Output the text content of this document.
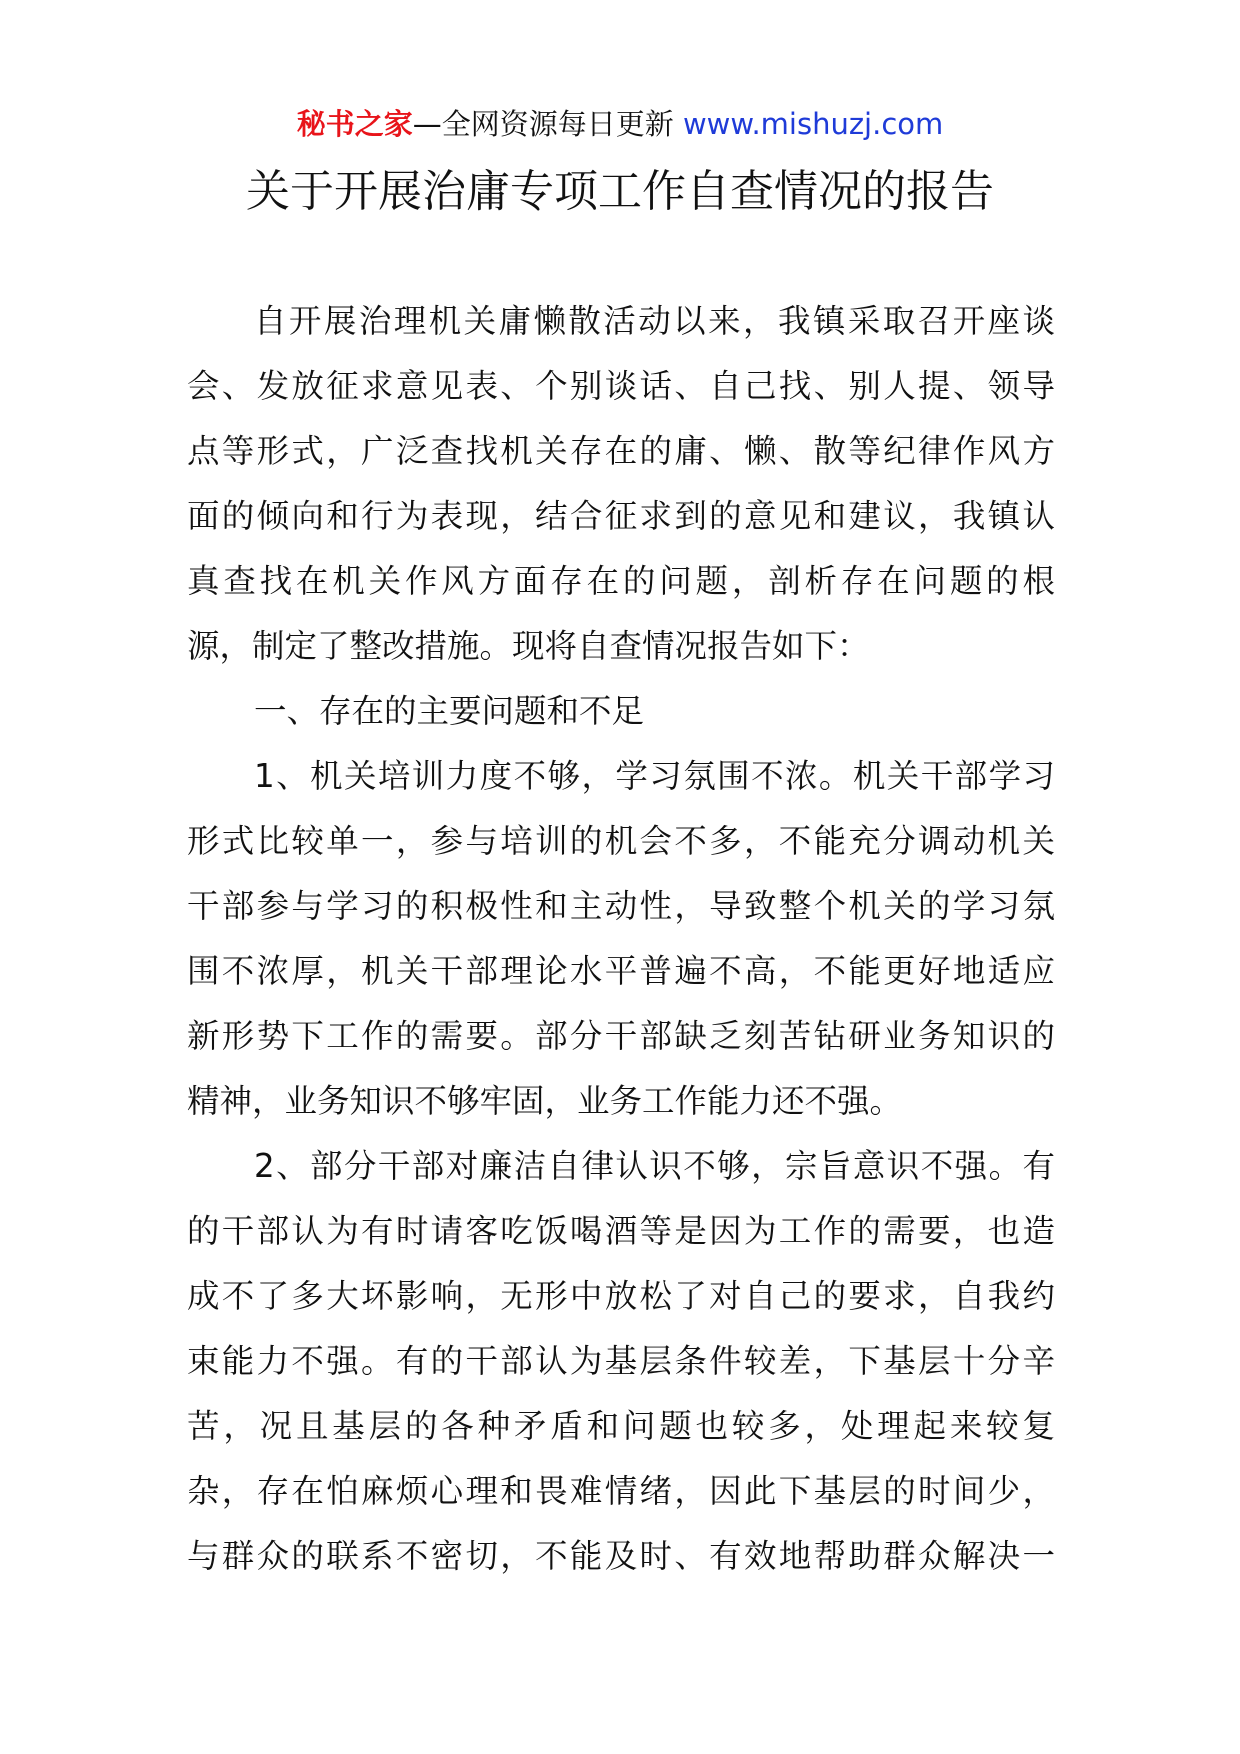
秘书之家—全网资源每日更新 www.mishuzj.com
关于开展治庸专项工作自查情况的报告
自开展治理机关庸懒散活动以来，我镇采取召开座谈
会、发放征求意见表、个别谈话、自己找、别人提、领导
点等形式，广泛查找机关存在的庸、懒、散等纪律作风方
面的倾向和行为表现，结合征求到的意见和建议，我镇认
真查找在机关作风方面存在的问题，剖析存在问题的根
源，制定了整改措施。现将自查情况报告如下：
一、存在的主要问题和不足
1、机关培训力度不够，学习氛围不浓。机关干部学习
形式比较单一，参与培训的机会不多，不能充分调动机关
干部参与学习的积极性和主动性，导致整个机关的学习氛
围不浓厚，机关干部理论水平普遍不高，不能更好地适应
新形势下工作的需要。部分干部缺乏刻苦钻研业务知识的
精神，业务知识不够牢固，业务工作能力还不强。
2、部分干部对廉洁自律认识不够，宗旨意识不强。有
的干部认为有时请客吃饭喝酒等是因为工作的需要，也造
成不了多大坏影响，无形中放松了对自己的要求，自我约
束能力不强。有的干部认为基层条件较差，下基层十分辛
苦，况且基层的各种矛盾和问题也较多，处理起来较复
杂，存在怕麻烦心理和畏难情绪，因此下基层的时间少，
与群众的联系不密切，不能及时、有效地帮助群众解决一
